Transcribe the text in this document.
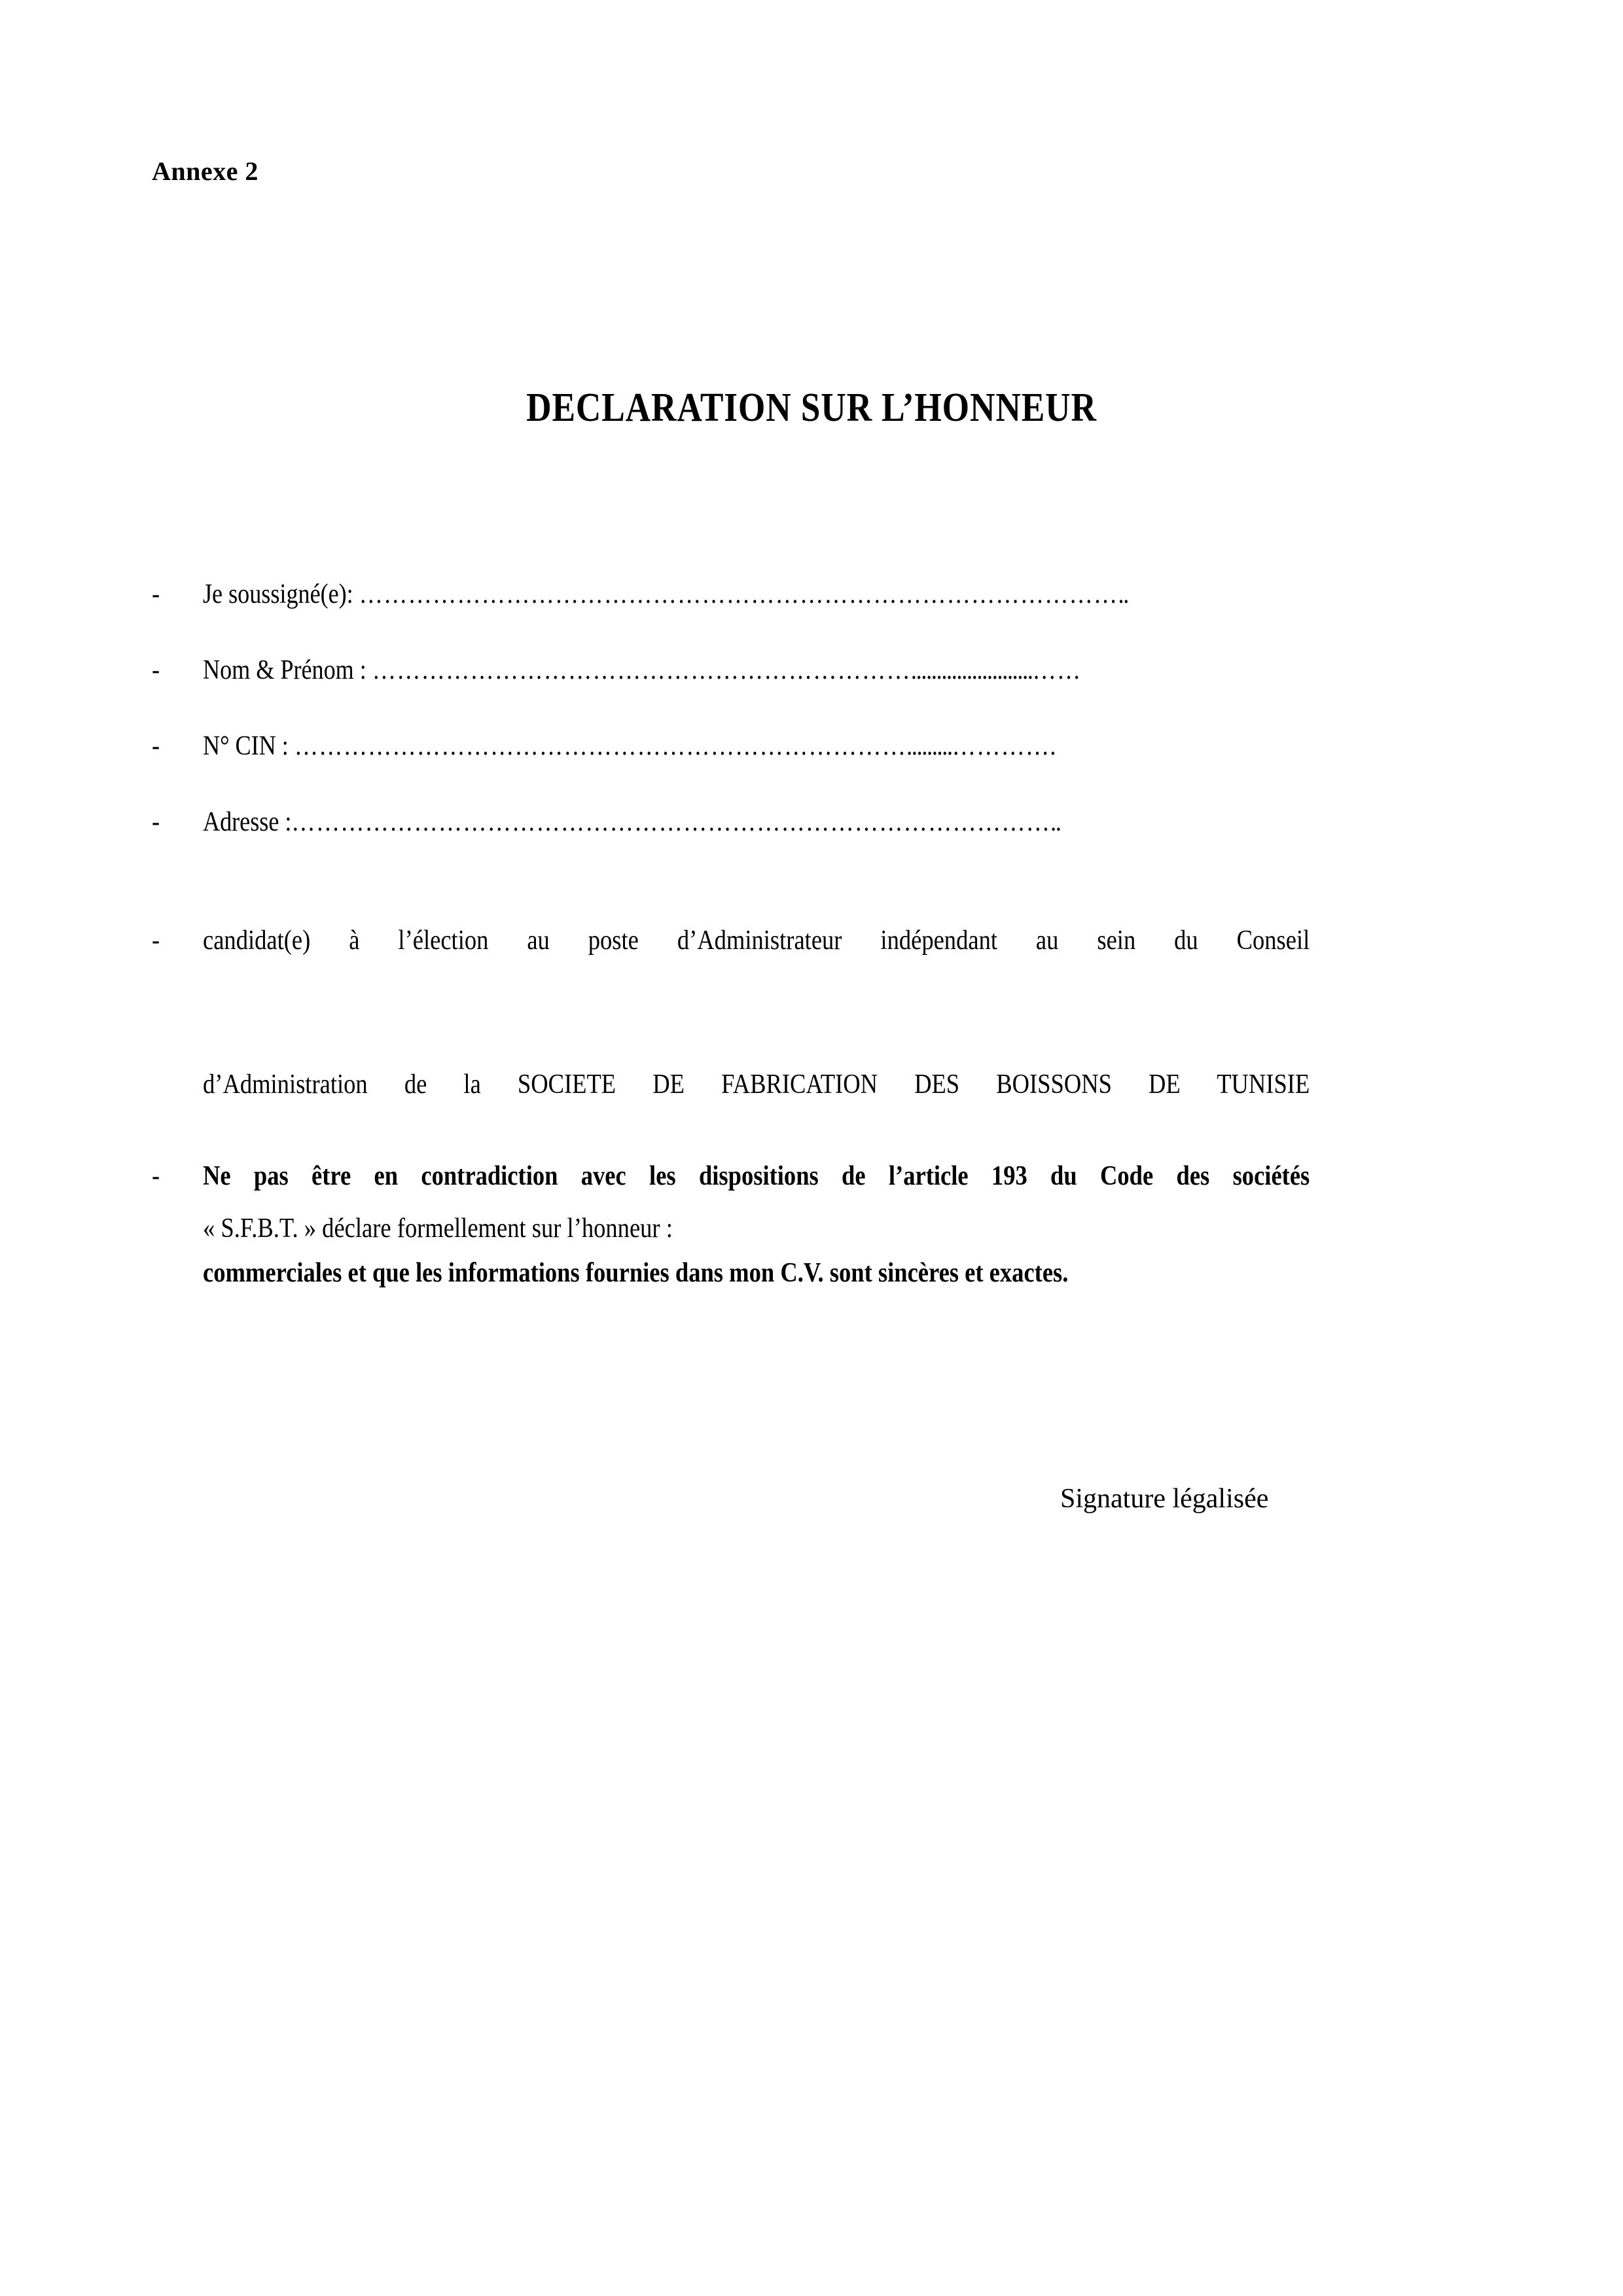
Annexe 2
DECLARATION SUR L’HONNEUR
-	Je soussigné(e): …………………………………………………………………………………..
-	Nom & Prénom : …………………………………………………………........................……
-	N° CIN : ………………………………………………………………….........………….
-	Adresse :…………………………………………………………………………………..
-	candidat(e) à l’élection au poste d’Administrateur indépendant au sein du Conseil
d’Administration de la SOCIETE DE FABRICATION DES BOISSONS DE TUNISIE
« S.F.B.T. » déclare formellement sur l’honneur :
-	Ne pas être en contradiction avec les dispositions de l’article 193 du Code des sociétés
commerciales et que les informations fournies dans mon C.V. sont sincères et exactes.
Signature légalisée
